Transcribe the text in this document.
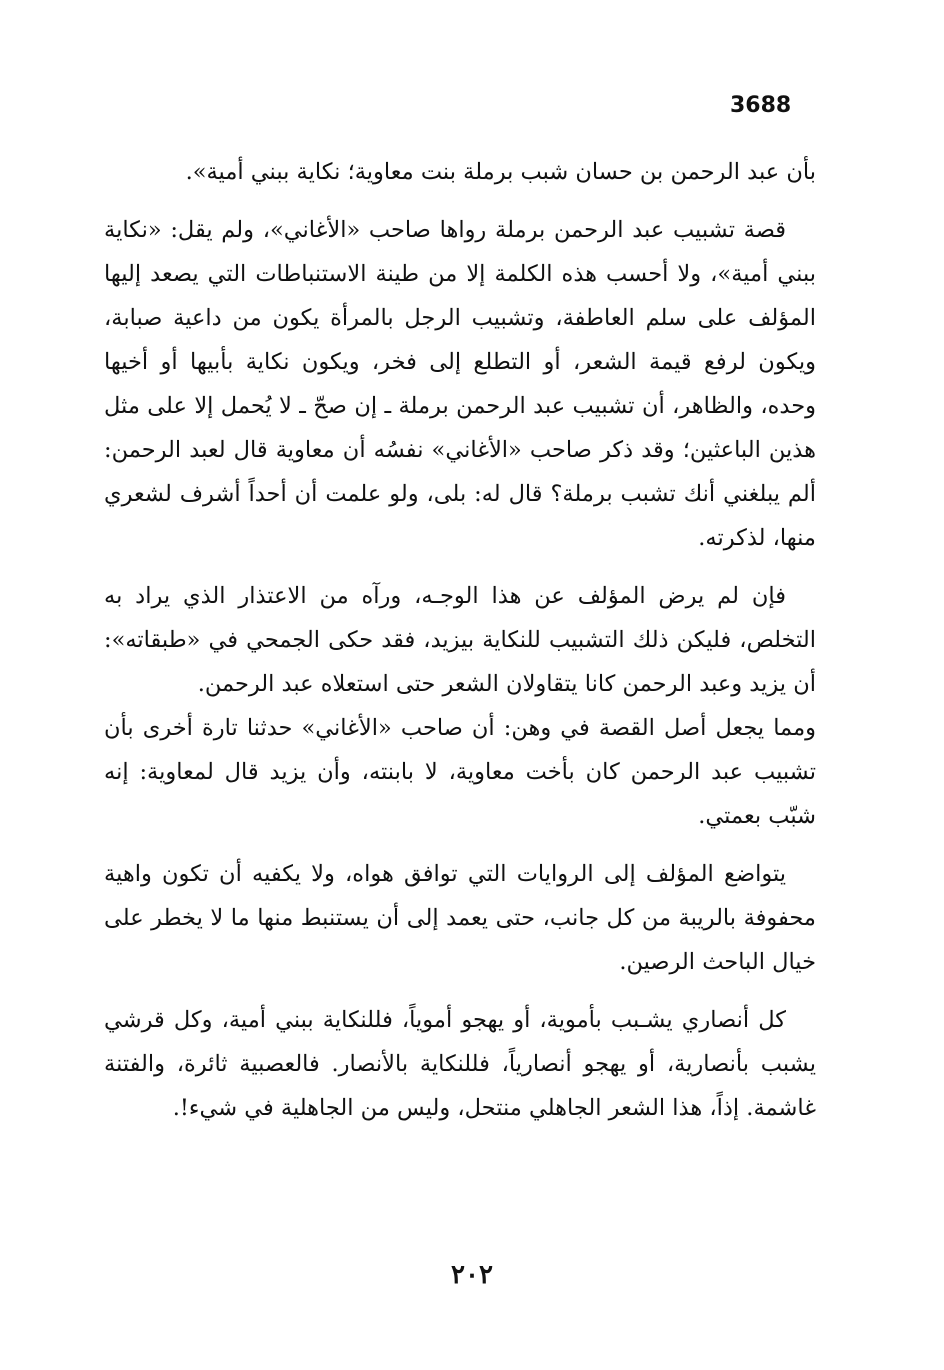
3688

بأن عبد الرحمن بن حسان شبب برملة بنت معاوية؛ نكاية ببني أمية».

قصة تشبيب عبد الرحمن برملة رواها صاحب «الأغاني»، ولم يقل: «نكاية ببني أمية»، ولا أحسب هذه الكلمة إلا من طينة الاستنباطات التي يصعد إليها المؤلف على سلم العاطفة، وتشبيب الرجل بالمرأة يكون من داعية صبابة، ويكون لرفع قيمة الشعر، أو التطلع إلى فخر، ويكون نكاية بأبيها أو أخيها وحده، والظاهر، أن تشبيب عبد الرحمن برملة ـ إن صحّ ـ لا يُحمل إلا على مثل هذين الباعثين؛ وقد ذكر صاحب «الأغاني» نفسُه أن معاوية قال لعبد الرحمن: ألم يبلغني أنك تشبب برملة؟ قال له: بلى، ولو علمت أن أحداً أشرف لشعري منها، لذكرته.

فإن لم يرض المؤلف عن هذا الوجـه، ورآه من الاعتذار الذي يراد به التخلص، فليكن ذلك التشبيب للنكاية بيزيد، فقد حكى الجمحي في «طبقاته»: أن يزيد وعبد الرحمن كانا يتقاولان الشعر حتى استعلاه عبد الرحمن.

ومما يجعل أصل القصة في وهن: أن صاحب «الأغاني» حدثنا تارة أخرى بأن تشبيب عبد الرحمن كان بأخت معاوية، لا بابنته، وأن يزيد قال لمعاوية: إنه شبّب بعمتي.

يتواضع المؤلف إلى الروايات التي توافق هواه، ولا يكفيه أن تكون واهية محفوفة بالريبة من كل جانب، حتى يعمد إلى أن يستنبط منها ما لا يخطر على خيال الباحث الرصين.

كل أنصاري يشـبب بأموية، أو يهجو أموياً، فللنكاية ببني أمية، وكل قرشي يشبب بأنصارية، أو يهجو أنصارياً، فللنكاية بالأنصار. فالعصبية ثائرة، والفتنة غاشمة. إذاً، هذا الشعر الجاهلي منتحل، وليس من الجاهلية في شيء!.

٢٠٢
